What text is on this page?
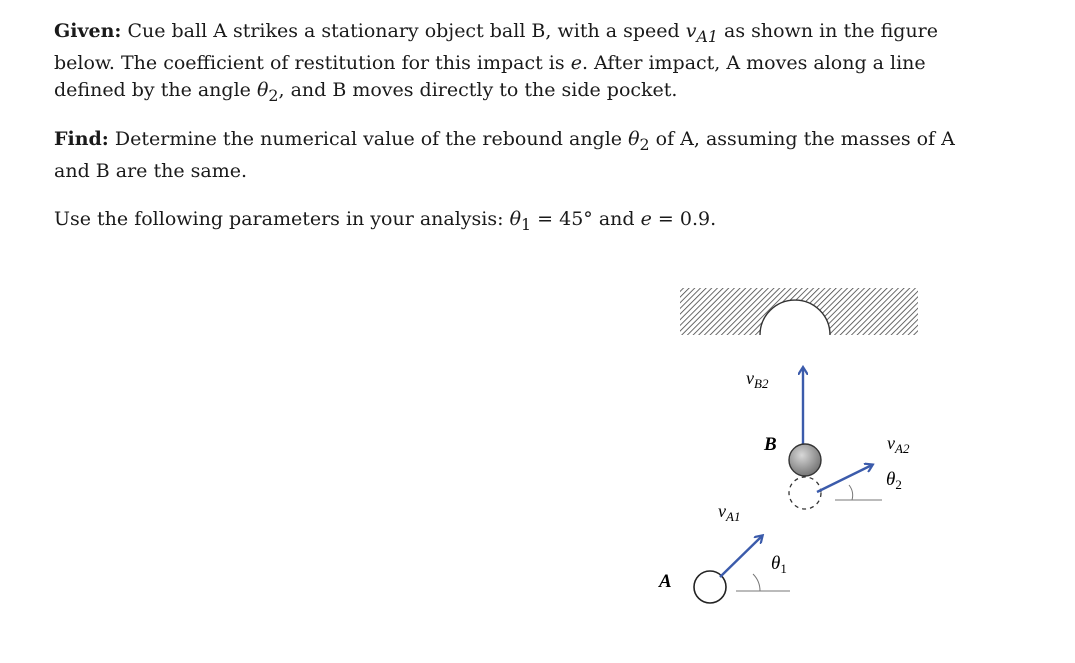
Given: Cue ball A strikes a stationary object ball B, with a speed $v_{A1}$ as shown in the figure below. The coefficient of restitution for this impact is e. After impact, A moves along a line defined by the angle $\theta_2$, and B moves directly to the side pocket.
Find: Determine the numerical value of the rebound angle $\theta_2$ of A, assuming the masses of A and B are the same.
Use the following parameters in your analysis: $\theta_1 = 45^\circ$ and e = 0.9.
A
B
$v_{B2}$
$v_{A2}$
$\theta_2$
$v_{A1}$
$\theta_1$
